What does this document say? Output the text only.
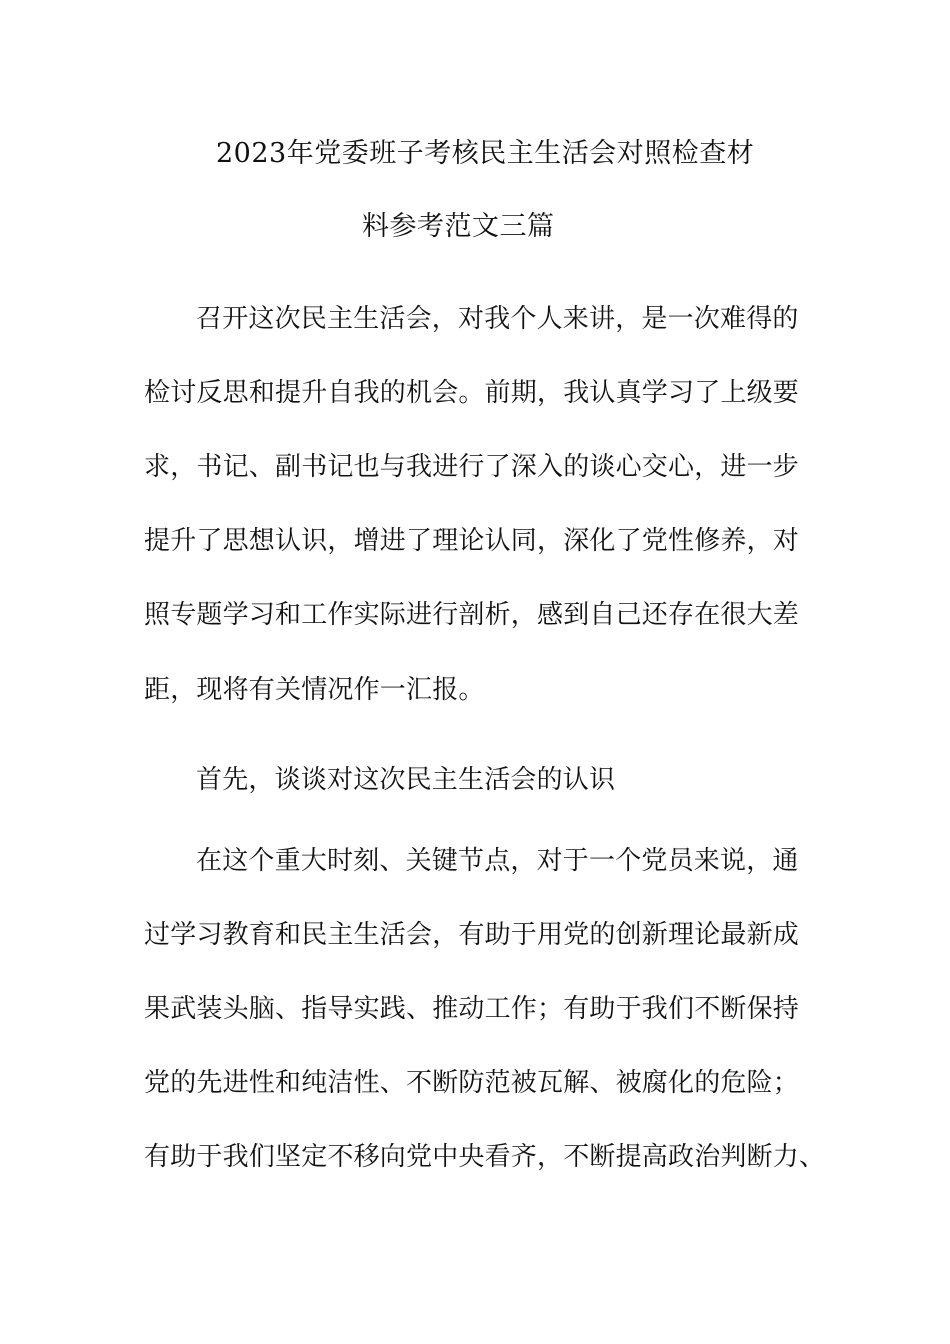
2023年党委班子考核民主生活会对照检查材
料参考范文三篇
召开这次民主生活会，对我个人来讲，是一次难得的
检讨反思和提升自我的机会。前期，我认真学习了上级要
求，书记、副书记也与我进行了深入的谈心交心，进一步
提升了思想认识，增进了理论认同，深化了党性修养，对
照专题学习和工作实际进行剖析，感到自己还存在很大差
距，现将有关情况作一汇报。
首先，谈谈对这次民主生活会的认识
在这个重大时刻、关键节点，对于一个党员来说，通
过学习教育和民主生活会，有助于用党的创新理论最新成
果武装头脑、指导实践、推动工作；有助于我们不断保持
党的先进性和纯洁性、不断防范被瓦解、被腐化的危险；
有助于我们坚定不移向党中央看齐，不断提高政治判断力、
